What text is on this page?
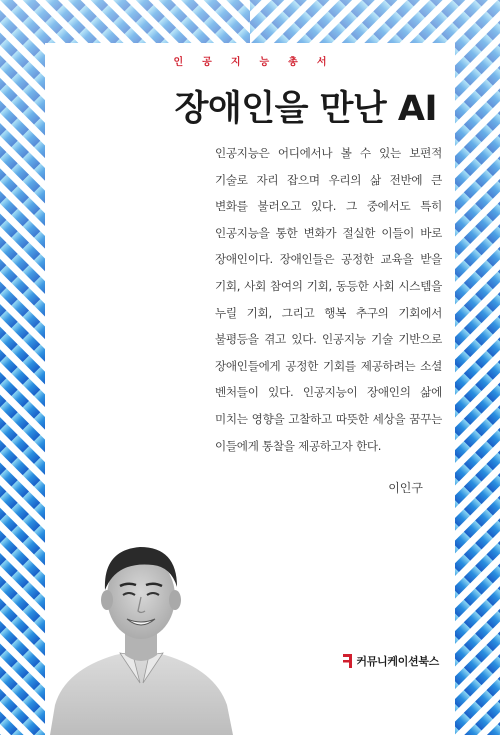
인공지능총서
장애인을 만난 AI
인공지능은 어디에서나 볼 수 있는 보편적 기술로 자리 잡으며 우리의 삶 전반에 큰 변화를 불러오고 있다. 그 중에서도 특히 인공지능을 통한 변화가 절실한 이들이 바로 장애인이다. 장애인들은 공정한 교육을 받을 기회, 사회 참여의 기회, 동등한 사회 시스템을 누릴 기회, 그리고 행복 추구의 기회에서 불평등을 겪고 있다. 인공지능 기술 기반으로 장애인들에게 공정한 기회를 제공하려는 소셜 벤처들이 있다. 인공지능이 장애인의 삶에 미치는 영향을 고찰하고 따뜻한 세상을 꿈꾸는 이들에게 통찰을 제공하고자 한다.
이인구
커뮤니케이션북스
